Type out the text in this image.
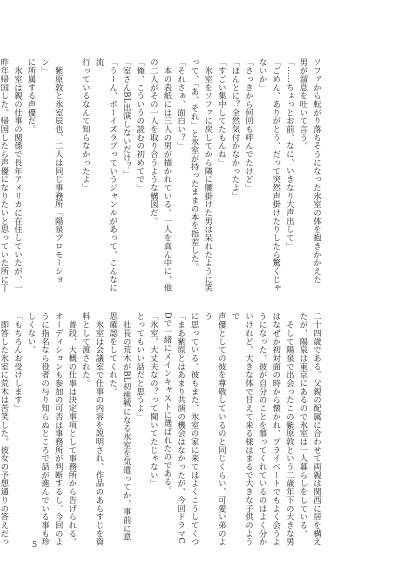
ソファから転がり落ちそうになった氷室の体を抱きかかえた

男が溜息を吐いて言う。

「……ちょっとお前、なに、いきなり大声出して」

「ごめん、ありがとう、だって突然声掛けたりしたら驚くじゃ

ないか」

「さっきから何回も呼んでたけど」

「ほんとに？全然気付かなかったよ」

「すごい集中してたもんね」

　氷室をソファに戻してから隣に腰掛けた男は呆れたように笑

って、「あ、それ」と氷室が持ったままの本を指差した。

「それさぁ、面白い？」

　本の表紙には三人の男が描かれている。一人を真ん中に、他

の二人がその一人を取り合うような構図だ。

「俺、こういうの読むの初めてで」

「室さんBL出演しないだけ？」

「うーん、ボーイズラブっていうジャンルがあって、こんなに流

行っているなんて知らなかったよ」

　紫原敦と氷室辰也、二人は同じ事務所「陽泉プロモーション」

に所属する声優だ。

　氷室は親の仕事の関係で長年アメリカに在住していたが、一

昨年帰国した。帰国したら声優になりたいと思っていた所に丁

二十四歳である。父親の配属に合わせて両親は関西に居を構え

たが、陽泉は東京にあるので氷室は一人暮らしをしている。

　そして陽泉で出会ったこの紫原敦という二歳年下の大きな男

はなぜか初対面の時から懐かれ、プライベートでもよく会うよ

うになった。彼が自分のことを慕ってくれているのはよく分か

いけれど、大きな体で甘えて来る様はまるで大きな子供のようで

声優としての彼を尊敬しているのと同じくらい、可愛い弟のよう

に思っている。彼もまた、氷室の家に来てはよくこうしてくつ

「まあ紫原とはあまり共演の機会はなかったが、今回ドラマC

Dで一緒にメインキャストに選ばれたのである。

「氷室、大丈夫なの？って聞いてたじゃない」

とってもいい話だと思うよ」

　社長の荒木がBL初挑戦になる氷室を気遣ってか、事前に意

思確認をしてくれた。

　氷室は会議室で仕事の内容を説明され、作品のあらすじを資

料として渡された。

　普段、大概の仕事は決定事項として事務所から告げられる。

オーディションも参加の可否は事務所が判断するし、今回のよ

うに指名なら役者の与り知らぬところで話が進んでいる事も珍

しくない。

「もちろんお受けします」

　即答した氷室に荒木は苦笑した。彼女の予想通りの答えだっ	5
